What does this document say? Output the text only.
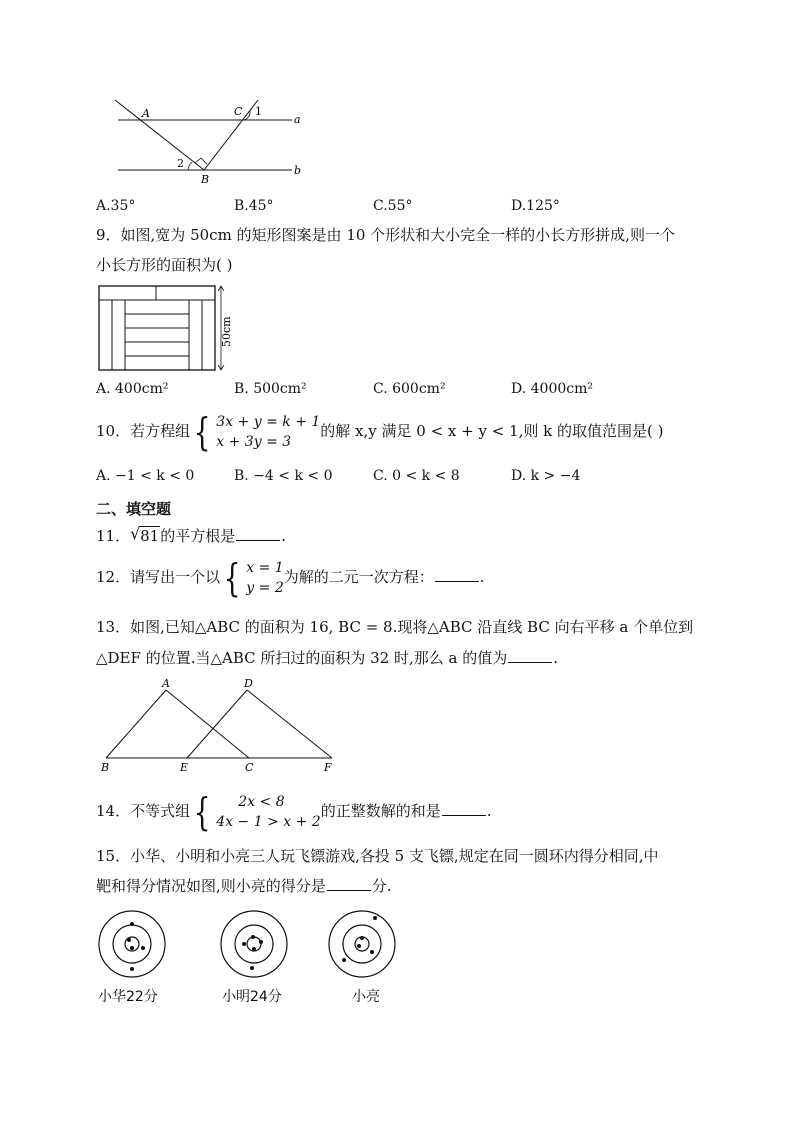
A	C 1
a
2
B
b
A.35°	B.45°	C.55°	D.125°
9．如图,宽为 50cm 的矩形图案是由 10 个形状和大小完全一样的小长方形拼成,则一个
小长方形的面积为( )
50cm
A. 400cm²	B. 500cm²	C. 600cm²	D. 4000cm²
10．若方程组 { 3x + y = k + 1
x + 3y = 3
的解 x,y 满足 0 < x + y < 1,则 k 的取值范围是( )
A. −1 < k < 0	B. −4 < k < 0	C. 0 < k < 8	D. k > −4
二、填空题
11． √ 81的平方根是	.
12．请写出一个以 { x = 1
y = 2
为解的二元一次方程：	.
13．如图,已知△ABC 的面积为 16, BC = 8.现将△ABC 沿直线 BC 向右平移 a 个单位到
△DEF 的位置.当△ABC 所扫过的面积为 32 时,那么 a 的值为	.
A	D
B	E	C	F
14．不等式组 {	2x < 8
4x − 1 > x + 2
的正整数解的和是	.
15．小华、小明和小亮三人玩飞镖游戏,各投 5 支飞镖,规定在同一圆环内得分相同,中
靶和得分情况如图,则小亮的得分是	分.
小华22分	小明24分	小亮
